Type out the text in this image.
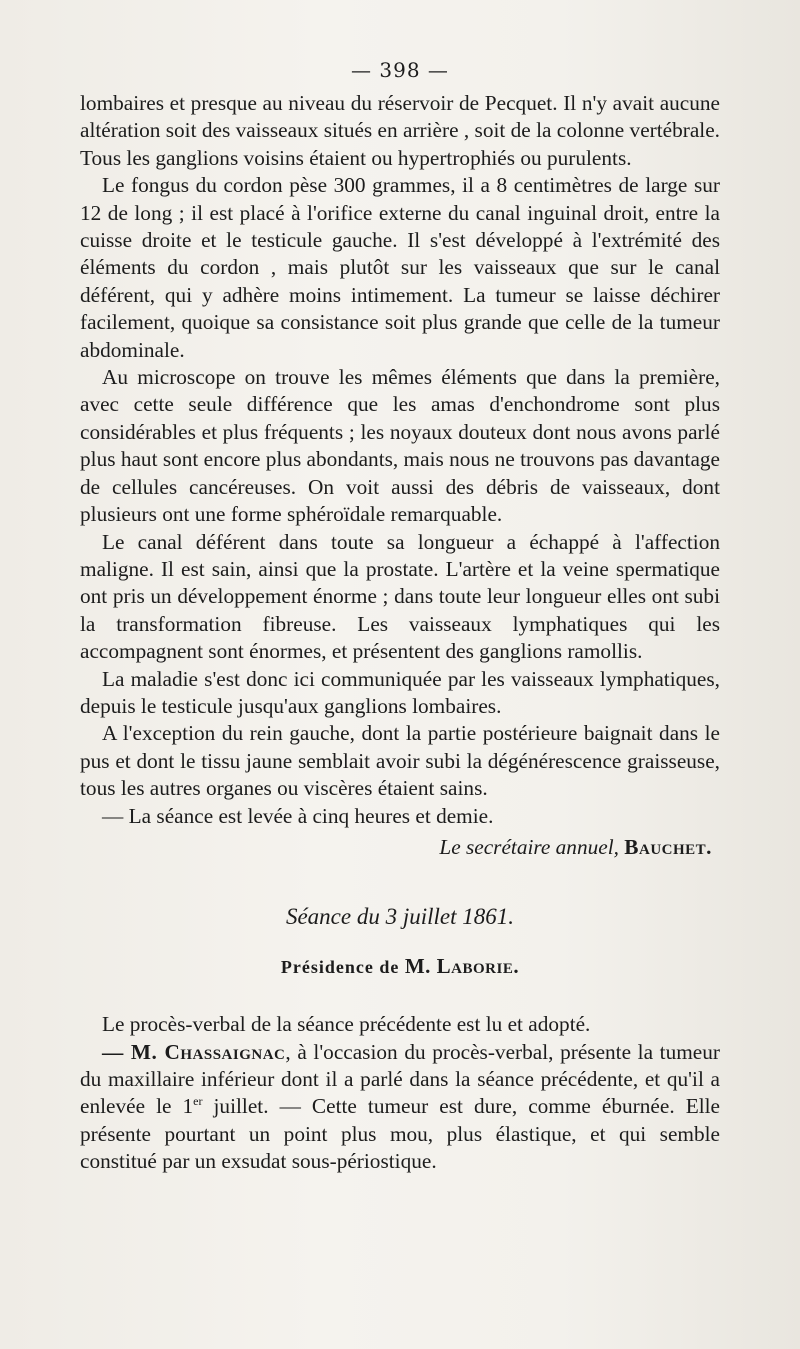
— 398 —

lombaires et presque au niveau du réservoir de Pecquet. Il n'y avait aucune altération soit des vaisseaux situés en arrière , soit de la colonne vertébrale. Tous les ganglions voisins étaient ou hypertrophiés ou purulents.

Le fongus du cordon pèse 300 grammes, il a 8 centimètres de large sur 12 de long ; il est placé à l'orifice externe du canal inguinal droit, entre la cuisse droite et le testicule gauche. Il s'est développé à l'extrémité des éléments du cordon , mais plutôt sur les vaisseaux que sur le canal déférent, qui y adhère moins intimement. La tumeur se laisse déchirer facilement, quoique sa consistance soit plus grande que celle de la tumeur abdominale.

Au microscope on trouve les mêmes éléments que dans la première, avec cette seule différence que les amas d'enchondrome sont plus considérables et plus fréquents ; les noyaux douteux dont nous avons parlé plus haut sont encore plus abondants, mais nous ne trouvons pas davantage de cellules cancéreuses. On voit aussi des débris de vaisseaux, dont plusieurs ont une forme sphéroïdale remarquable.

Le canal déférent dans toute sa longueur a échappé à l'affection maligne. Il est sain, ainsi que la prostate. L'artère et la veine spermatique ont pris un développement énorme ; dans toute leur longueur elles ont subi la transformation fibreuse. Les vaisseaux lymphatiques qui les accompagnent sont énormes, et présentent des ganglions ramollis.

La maladie s'est donc ici communiquée par les vaisseaux lymphatiques, depuis le testicule jusqu'aux ganglions lombaires.

A l'exception du rein gauche, dont la partie postérieure baignait dans le pus et dont le tissu jaune semblait avoir subi la dégénérescence graisseuse, tous les autres organes ou viscères étaient sains.

— La séance est levée à cinq heures et demie.

Le secrétaire annuel, Bauchet.
Séance du 3 juillet 1861.
Présidence de M. Laborie.

Le procès-verbal de la séance précédente est lu et adopté.

— M. Chassaignac, à l'occasion du procès-verbal, présente la tumeur du maxillaire inférieur dont il a parlé dans la séance précédente, et qu'il a enlevée le 1er juillet. — Cette tumeur est dure, comme éburnée. Elle présente pourtant un point plus mou, plus élastique, et qui semble constitué par un exsudat sous-périostique.
